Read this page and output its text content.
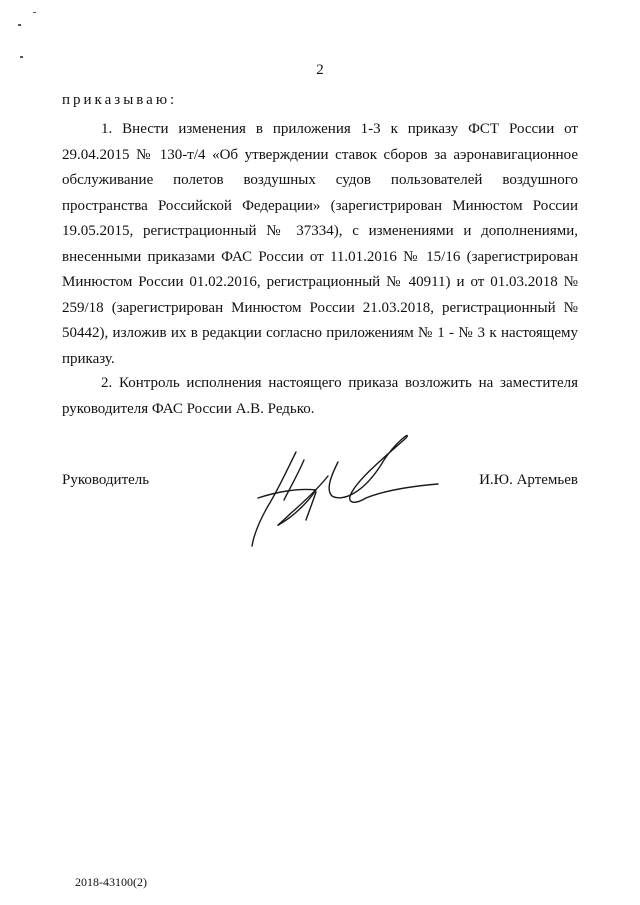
2
приказываю:
1. Внести изменения в приложения 1-3 к приказу ФСТ России от 29.04.2015 № 130-т/4 «Об утверждении ставок сборов за аэронавигационное обслуживание полетов воздушных судов пользователей воздушного пространства Российской Федерации» (зарегистрирован Минюстом России 19.05.2015, регистрационный № 37334), с изменениями и дополнениями, внесенными приказами ФАС России от 11.01.2016 № 15/16 (зарегистрирован Минюстом России 01.02.2016, регистрационный № 40911) и от 01.03.2018 № 259/18 (зарегистрирован Минюстом России 21.03.2018, регистрационный № 50442), изложив их в редакции согласно приложениям № 1 - № 3 к настоящему приказу.
2. Контроль исполнения настоящего приказа возложить на заместителя руководителя ФАС России А.В. Редько.
Руководитель	И.Ю. Артемьев
2018-43100(2)
